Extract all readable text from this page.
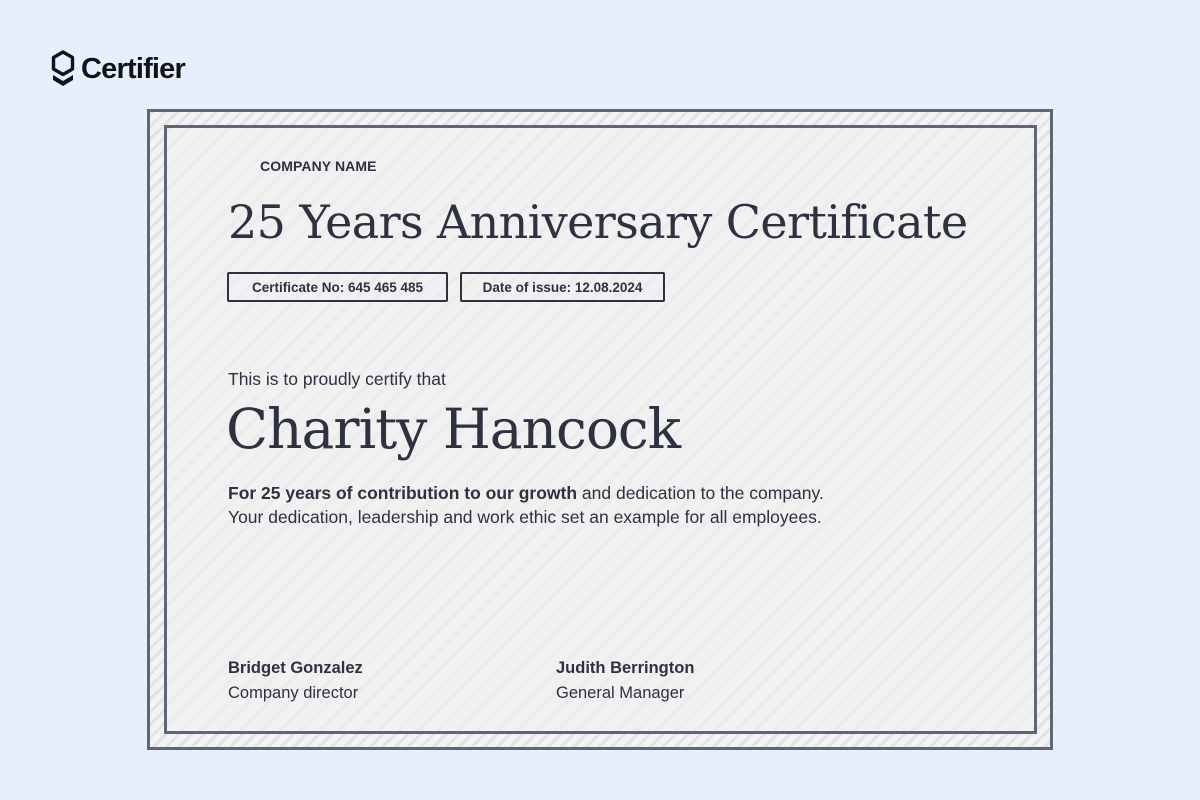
Certifier
COMPANY NAME
25 Years Anniversary Certificate
Certificate No: 645 465 485	Date of issue: 12.08.2024
This is to proudly certify that
Charity Hancock

For 25 years of contribution to our growth and dedication to the company.

Your dedication, leadership and work ethic set an example for all employees.

Bridget Gonzalez
Company director
Judith Berrington
General Manager
